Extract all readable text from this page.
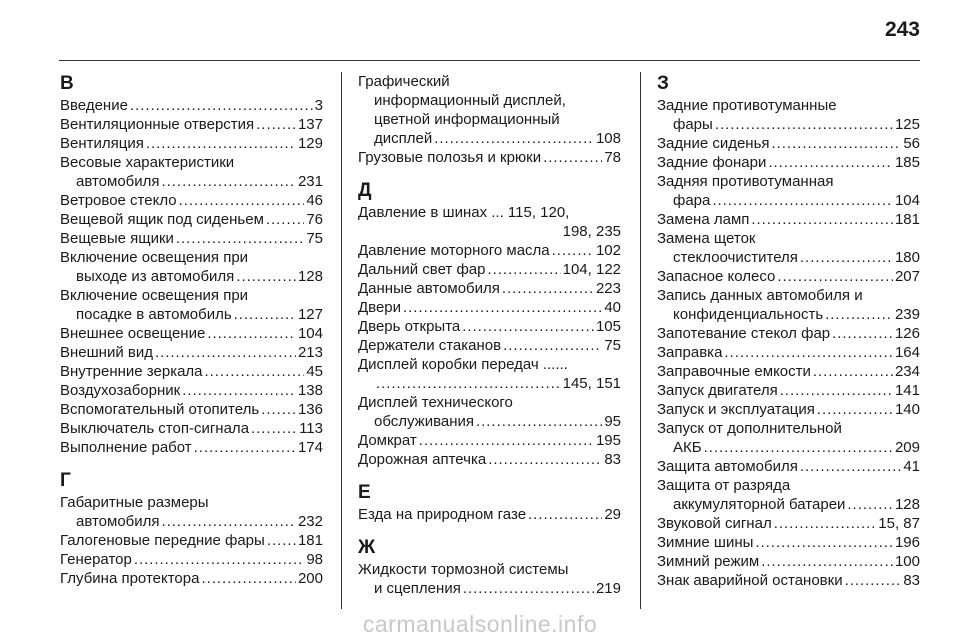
243
В
Введение . . .	3
Вентиляционные отверстия . . .	137
Вентиляция . . .	129
Весовые характеристики
автомобиля . . .	231
Ветровое стекло . . .	46
Вещевой ящик под сиденьем . . .	76
Вещевые ящики . . .	75
Включение освещения при
выходе из автомобиля . . .	128
Включение освещения при
посадке в автомобиль . . .	127
Внешнее освещение . . .	104
Внешний вид . . .	213
Внутренние зеркала . . .	45
Воздухозаборник . . .	138
Вспомогательный отопитель . . .	136
Выключатель стоп-сигнала . . .	113
Выполнение работ . . .	174
Г
Габаритные размеры
автомобиля . . .	232
Галогеновые передние фары . . . 181
Генератор . . .	98
Глубина протектора . . .	200
Графический
информационный дисплей,
цветной информационный
дисплей . . .	108
Грузовые полозья и крюки . . .	78
Д
Давление в шинах ... 115, 120,
198, 235
Давление моторного масла . . .	102
Дальний свет фар . . .	104, 122
Данные автомобиля . . .	223
Двери . . .	40
Дверь открыта . . .	105
Держатели стаканов . . .	75
Дисплей коробки передач ......
. . .
145, 151
Дисплей технического
обслуживания . . .	95
Домкрат . . .	195
Дорожная аптечка . . .	83
Е
Езда на природном газе . . .	29
Ж
Жидкости тормозной системы
и сцепления . . .	219
З
Задние противотуманные
фары . . .	125
Задние сиденья . . .	56
Задние фонари . . .	185
Задняя противотуманная
фара . . .	104
Замена ламп . . .	181
Замена щеток
стеклоочистителя . . .	180
Запасное колесо . . .	207
Запись данных автомобиля и
конфиденциальность . . .	239
Запотевание стекол фар . . .	126
Заправка . . .	164
Заправочные емкости . . .	234
Запуск двигателя . . .	141
Запуск и эксплуатация . . .	140
Запуск от дополнительной
АКБ . . .	209
Защита автомобиля . . .	41
Защита от разряда
аккумуляторной батареи . . .	128
Звуковой сигнал . . .	15, 87
Зимние шины . . .	196
Зимний режим . . .	100
Знак аварийной остановки . . .	83
carmanualsonline.info
